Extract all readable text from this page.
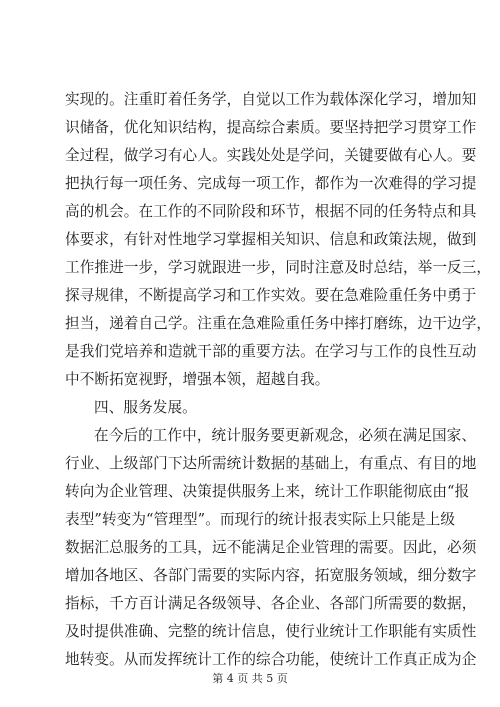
实现的。注重盯着任务学，自觉以工作为载体深化学习，增加知
识储备，优化知识结构，提高综合素质。要坚持把学习贯穿工作
全过程，做学习有心人。实践处处是学问，关键要做有心人。要
把执行每一项任务、完成每一项工作，都作为一次难得的学习提
高的机会。在工作的不同阶段和环节，根据不同的任务特点和具
体要求，有针对性地学习掌握相关知识、信息和政策法规，做到
工作推进一步，学习就跟进一步，同时注意及时总结，举一反三，
探寻规律，不断提高学习和工作实效。要在急难险重任务中勇于
担当，递着自己学。注重在急难险重任务中摔打磨练，边干边学，
是我们党培养和造就干部的重要方法。在学习与工作的良性互动
中不断拓宽视野，增强本领，超越自我。
四、服务发展。
在今后的工作中，统计服务要更新观念，必须在满足国家、
行业、上级部门下达所需统计数据的基础上，有重点、有目的地
转向为企业管理、决策提供服务上来，统计工作职能彻底由“报
表型”转变为“管理型”。而现行的统计报表实际上只能是上级
数据汇总服务的工具，远不能满足企业管理的需要。因此，必须
增加各地区、各部门需要的实际内容，拓宽服务领域，细分数字
指标，千方百计满足各级领导、各企业、各部门所需要的数据，
及时提供准确、完整的统计信息，使行业统计工作职能有实质性
地转变。从而发挥统计工作的综合功能，使统计工作真正成为企
第 4 页 共 5 页
